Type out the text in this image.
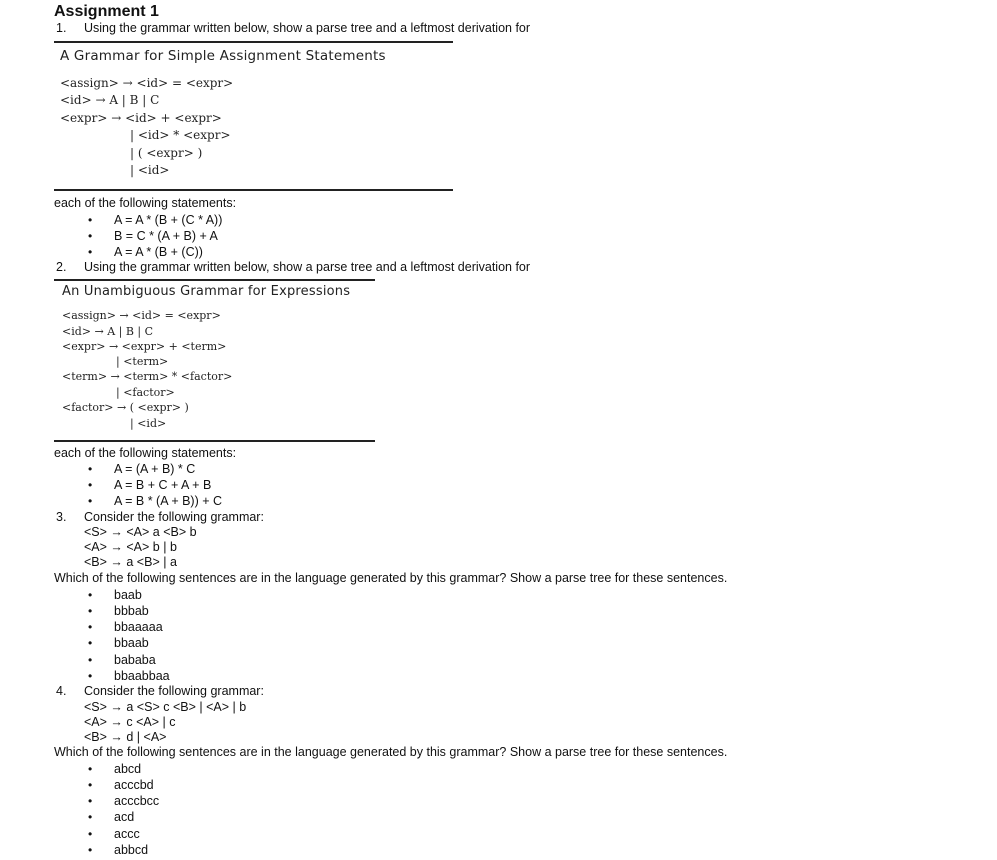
Assignment 1
1. Using the grammar written below, show a parse tree and a leftmost derivation for
A Grammar for Simple Assignment Statements
<assign> → <id> = <expr>
<id> → A | B | C
<expr> → <id> + <expr>
| <id> * <expr>
| ( <expr> )
| <id>
each of the following statements:
• A = A * (B + (C * A))
• B = C * (A + B) + A
• A = A * (B + (C))
2. Using the grammar written below, show a parse tree and a leftmost derivation for
An Unambiguous Grammar for Expressions
<assign> → <id> = <expr>
<id> → A | B | C
<expr> → <expr> + <term>
| <term>
<term> → <term> * <factor>
| <factor>
<factor> → ( <expr> )
| <id>
each of the following statements:
• A = (A + B) * C
• A = B + C + A + B
• A = B * (A + B)) + C
3. Consider the following grammar:
<S> → <A> a <B> b
<A> → <A> b | b
<B> → a <B> | a
Which of the following sentences are in the language generated by this grammar? Show a parse tree for these sentences.
• baab
• bbbab
• bbaaaaa
• bbaab
• bababa
• bbaabbaa
4. Consider the following grammar:
<S> → a <S> c <B> | <A> | b
<A> → c <A> | c
<B> → d | <A>
Which of the following sentences are in the language generated by this grammar? Show a parse tree for these sentences.
• abcd
• acccbd
• acccbcc
• acd
• accc
• abbcd
